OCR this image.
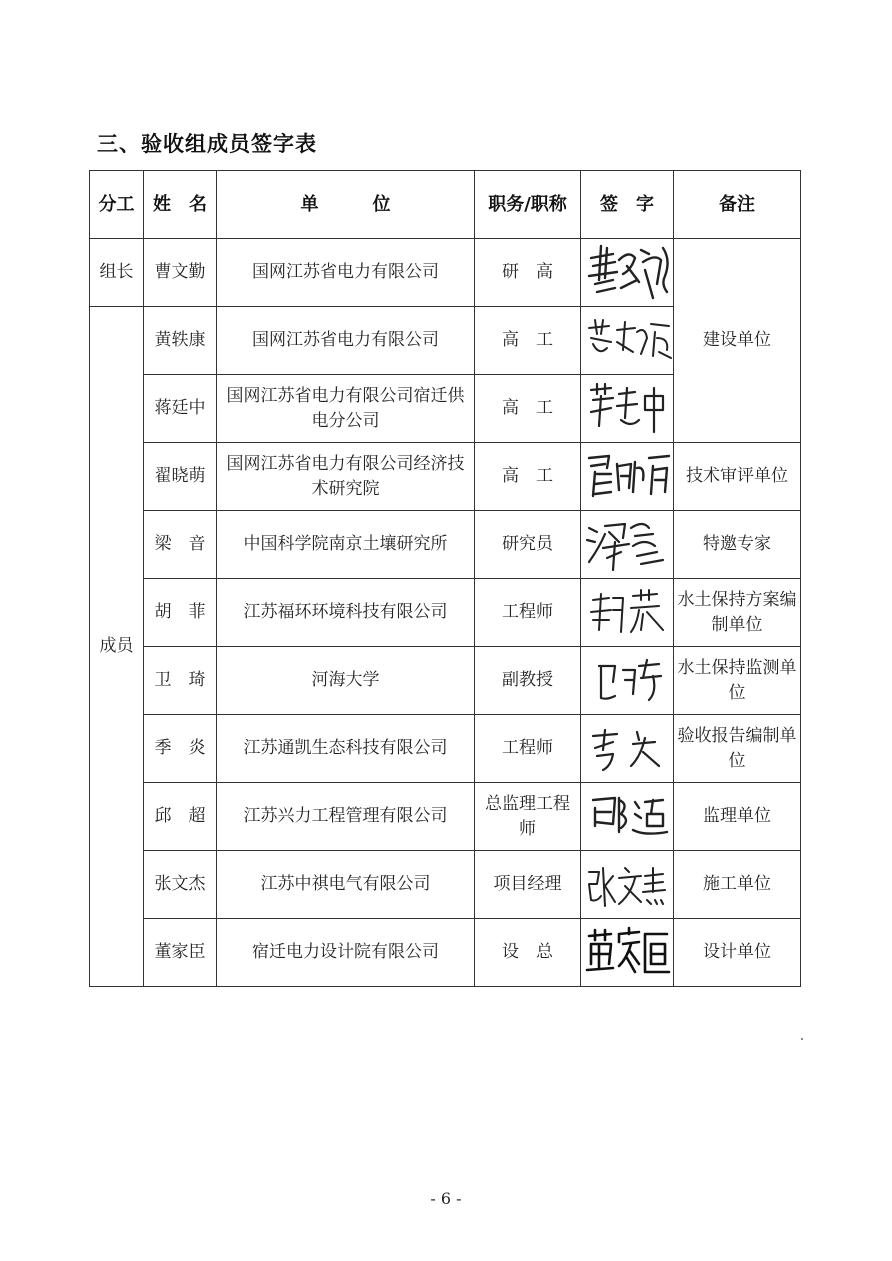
三、验收组成员签字表
分工	姓　名	单　　　位	职务/职称	签　字	备注
组长	曹文勤	国网江苏省电力有限公司	研　高		建设单位
成员	黄轶康	国网江苏省电力有限公司	高　工	

	蒋廷中	国网江苏省电力有限公司宿迁供电分公司	高　工	

	翟晓萌	国网江苏省电力有限公司经济技术研究院	高　工		技术审评单位
	梁　音	中国科学院南京土壤研究所	研究员		特邀专家
	胡　菲	江苏福环环境科技有限公司	工程师		水土保持方案编制单位
	卫　琦	河海大学	副教授		水土保持监测单位
	季　炎	江苏通凯生态科技有限公司	工程师		验收报告编制单位
	邱　超	江苏兴力工程管理有限公司	总监理工程师		监理单位
	张文杰	江苏中祺电气有限公司	项目经理		施工单位
	董家臣	宿迁电力设计院有限公司	设　总		设计单位
- 6 -
